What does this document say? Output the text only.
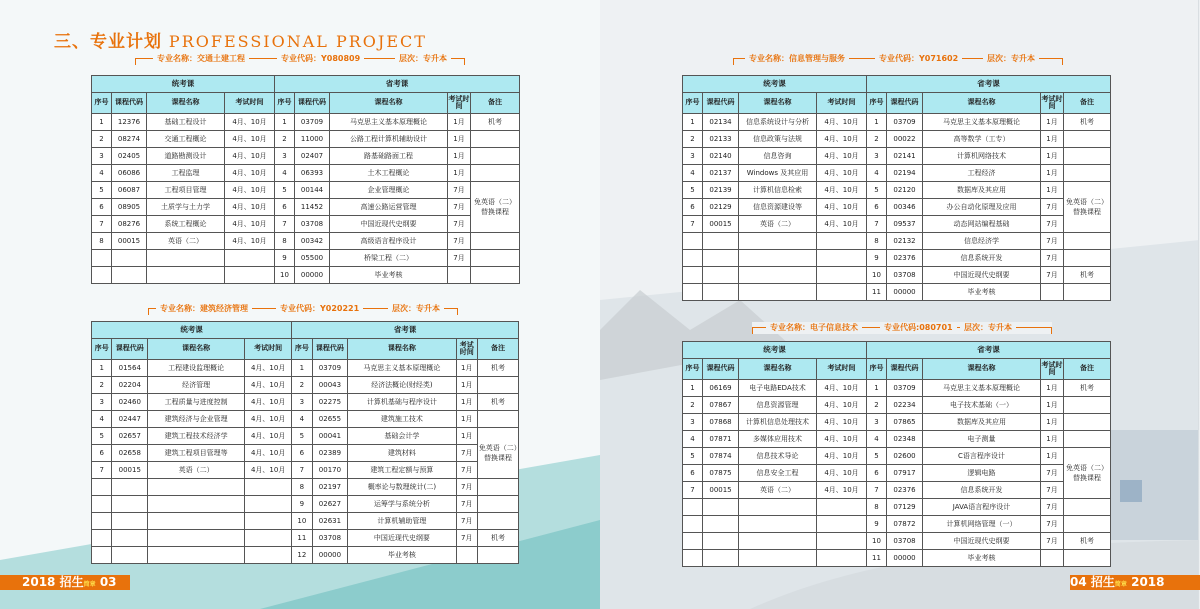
三、专业计划 PROFESSIONAL PROJECT
专业名称：交通土建工程	专业代码：Y080809	层次：专升本
统考课				省考课				
序号	课程代码	课程名称	考试时间	序号	课程代码	课程名称	考试时间	备注
1	12376	基础工程设计	4月、10月	1	03709	马克思主义基本原理概论	1月	机考
2	08274	交通工程概论	4月、10月	2	11000	公路工程计算机辅助设计	1月	
3	02405	道路勘测设计	4月、10月	3	02407	路基础路面工程	1月	
4	06086	工程监理	4月、10月	4	06393	土木工程概论	1月	
5	06087	工程项目管理	4月、10月	5	00144	企业管理概论	7月	免英语（二）替换课程
6	08905	土质学与土力学	4月、10月	6	11452	高速公路运营管理	7月	
7	08276	系统工程概论	4月、10月	7	03708	中国近现代史纲要	7月	
8	00015	英语（二）	4月、10月	8	00342	高级语言程序设计	7月	
				9	05500	桥梁工程（二）	7月	
				10	00000	毕业考核		
专业名称：建筑经济管理	专业代码：Y020221	层次：专升本
统考课				省考课				
序号	课程代码	课程名称	考试时间	序号	课程代码	课程名称	考试时间	备注
1	01564	工程建设监理概论	4月、10月	1	03709	马克思主义基本原理概论	1月	机考
2	02204	经济管理	4月、10月	2	00043	经济法概论(财经类)	1月	
3	02460	工程质量与进度控制	4月、10月	3	02275	计算机基础与程序设计	1月	机考
4	02447	建筑经济与企业管理	4月、10月	4	02655	建筑施工技术	1月	
5	02657	建筑工程技术经济学	4月、10月	5	00041	基础会计学	1月	免英语（二）替换课程
6	02658	建筑工程项目管理等	4月、10月	6	02389	建筑材料	7月	
7	00015	英语（二）	4月、10月	7	00170	建筑工程定额与预算	7月	
				8	02197	概率论与数理统计(二)	7月	
				9	02627	运筹学与系统分析	7月	
				10	02631	计算机辅助管理	7月	
				11	03708	中国近现代史纲要	7月	机考
				12	00000	毕业考核		
专业名称：信息管理与服务	专业代码：Y071602	层次：专升本
统考课				省考课				
序号	课程代码	课程名称	考试时间	序号	课程代码	课程名称	考试时间	备注
1	02134	信息系统设计与分析	4月、10月	1	03709	马克思主义基本原理概论	1月	机考
2	02133	信息政策与法规	4月、10月	2	00022	高等数学（工专）	1月	
3	02140	信息咨询	4月、10月	3	02141	计算机网络技术	1月	
4	02137	Windows 及其应用	4月、10月	4	02194	工程经济	1月	
5	02139	计算机信息检索	4月、10月	5	02120	数据库及其应用	1月	免英语（二）替换课程
6	02129	信息资源建设等	4月、10月	6	00346	办公自动化原理及应用	7月	
7	00015	英语（二）	4月、10月	7	09537	动态网站编程基础	7月	
				8	02132	信息经济学	7月	
				9	02376	信息系统开发	7月	
				10	03708	中国近现代史纲要	7月	机考
				11	00000	毕业考核		
专业名称：电子信息技术	专业代码:080701	层次：专升本
统考课				省考课				
序号	课程代码	课程名称	考试时间	序号	课程代码	课程名称	考试时间	备注
1	06169	电子电路EDA技术	4月、10月	1	03709	马克思主义基本原理概论	1月	机考
2	07867	信息资源管理	4月、10月	2	02234	电子技术基础（一）	1月	
3	07868	计算机信息处理技术	4月、10月	3	07865	数据库及其应用	1月	
4	07871	多媒体应用技术	4月、10月	4	02348	电子测量	1月	
5	07874	信息技术导论	4月、10月	5	02600	C语言程序设计	1月	免英语（二）替换课程
6	07875	信息安全工程	4月、10月	6	07917	逻辑电路	7月	
7	00015	英语（二）	4月、10月	7	02376	信息系统开发	7月	
				8	07129	JAVA语言程序设计	7月	
				9	07872	计算机网络管理（一）	7月	
				10	03708	中国近现代史纲要	7月	机考
				11	00000	毕业考核		
2018 招生简章 03	04 招生简章 2018
